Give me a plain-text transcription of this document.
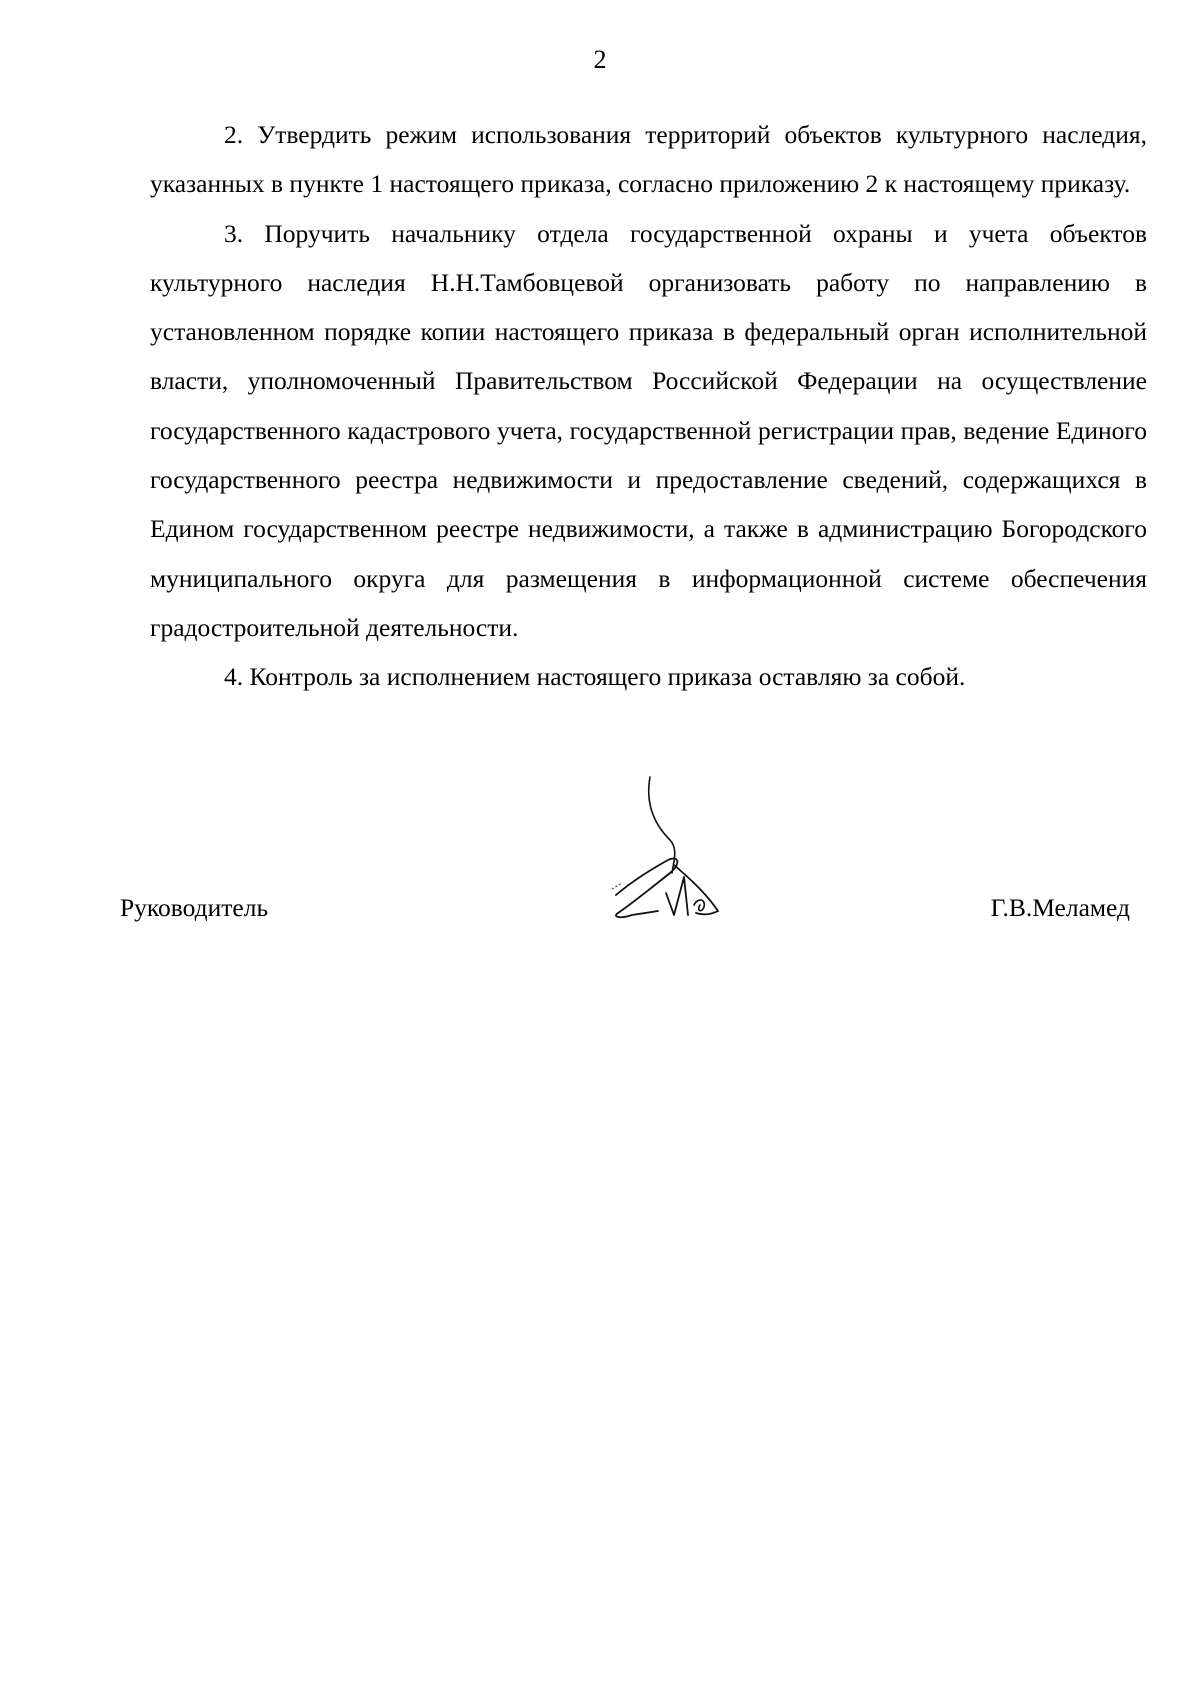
2

2. Утвердить режим использования территорий объектов культурного наследия, указанных в пункте 1 настоящего приказа, согласно приложению 2 к настоящему приказу.

3. Поручить начальнику отдела государственной охраны и учета объектов культурного наследия Н.Н.Тамбовцевой организовать работу по направлению в установленном порядке копии настоящего приказа в федеральный орган исполнительной власти, уполномоченный Правительством Российской Федерации на осуществление государственного кадастрового учета, государственной регистрации прав, ведение Единого государственного реестра недвижимости и предоставление сведений, содержащихся в Едином государственном реестре недвижимости, а также в администрацию Богородского муниципального округа для размещения в информационной системе обеспечения градостроительной деятельности.

4. Контроль за исполнением настоящего приказа оставляю за собой.

Руководитель	Г.В.Меламед
